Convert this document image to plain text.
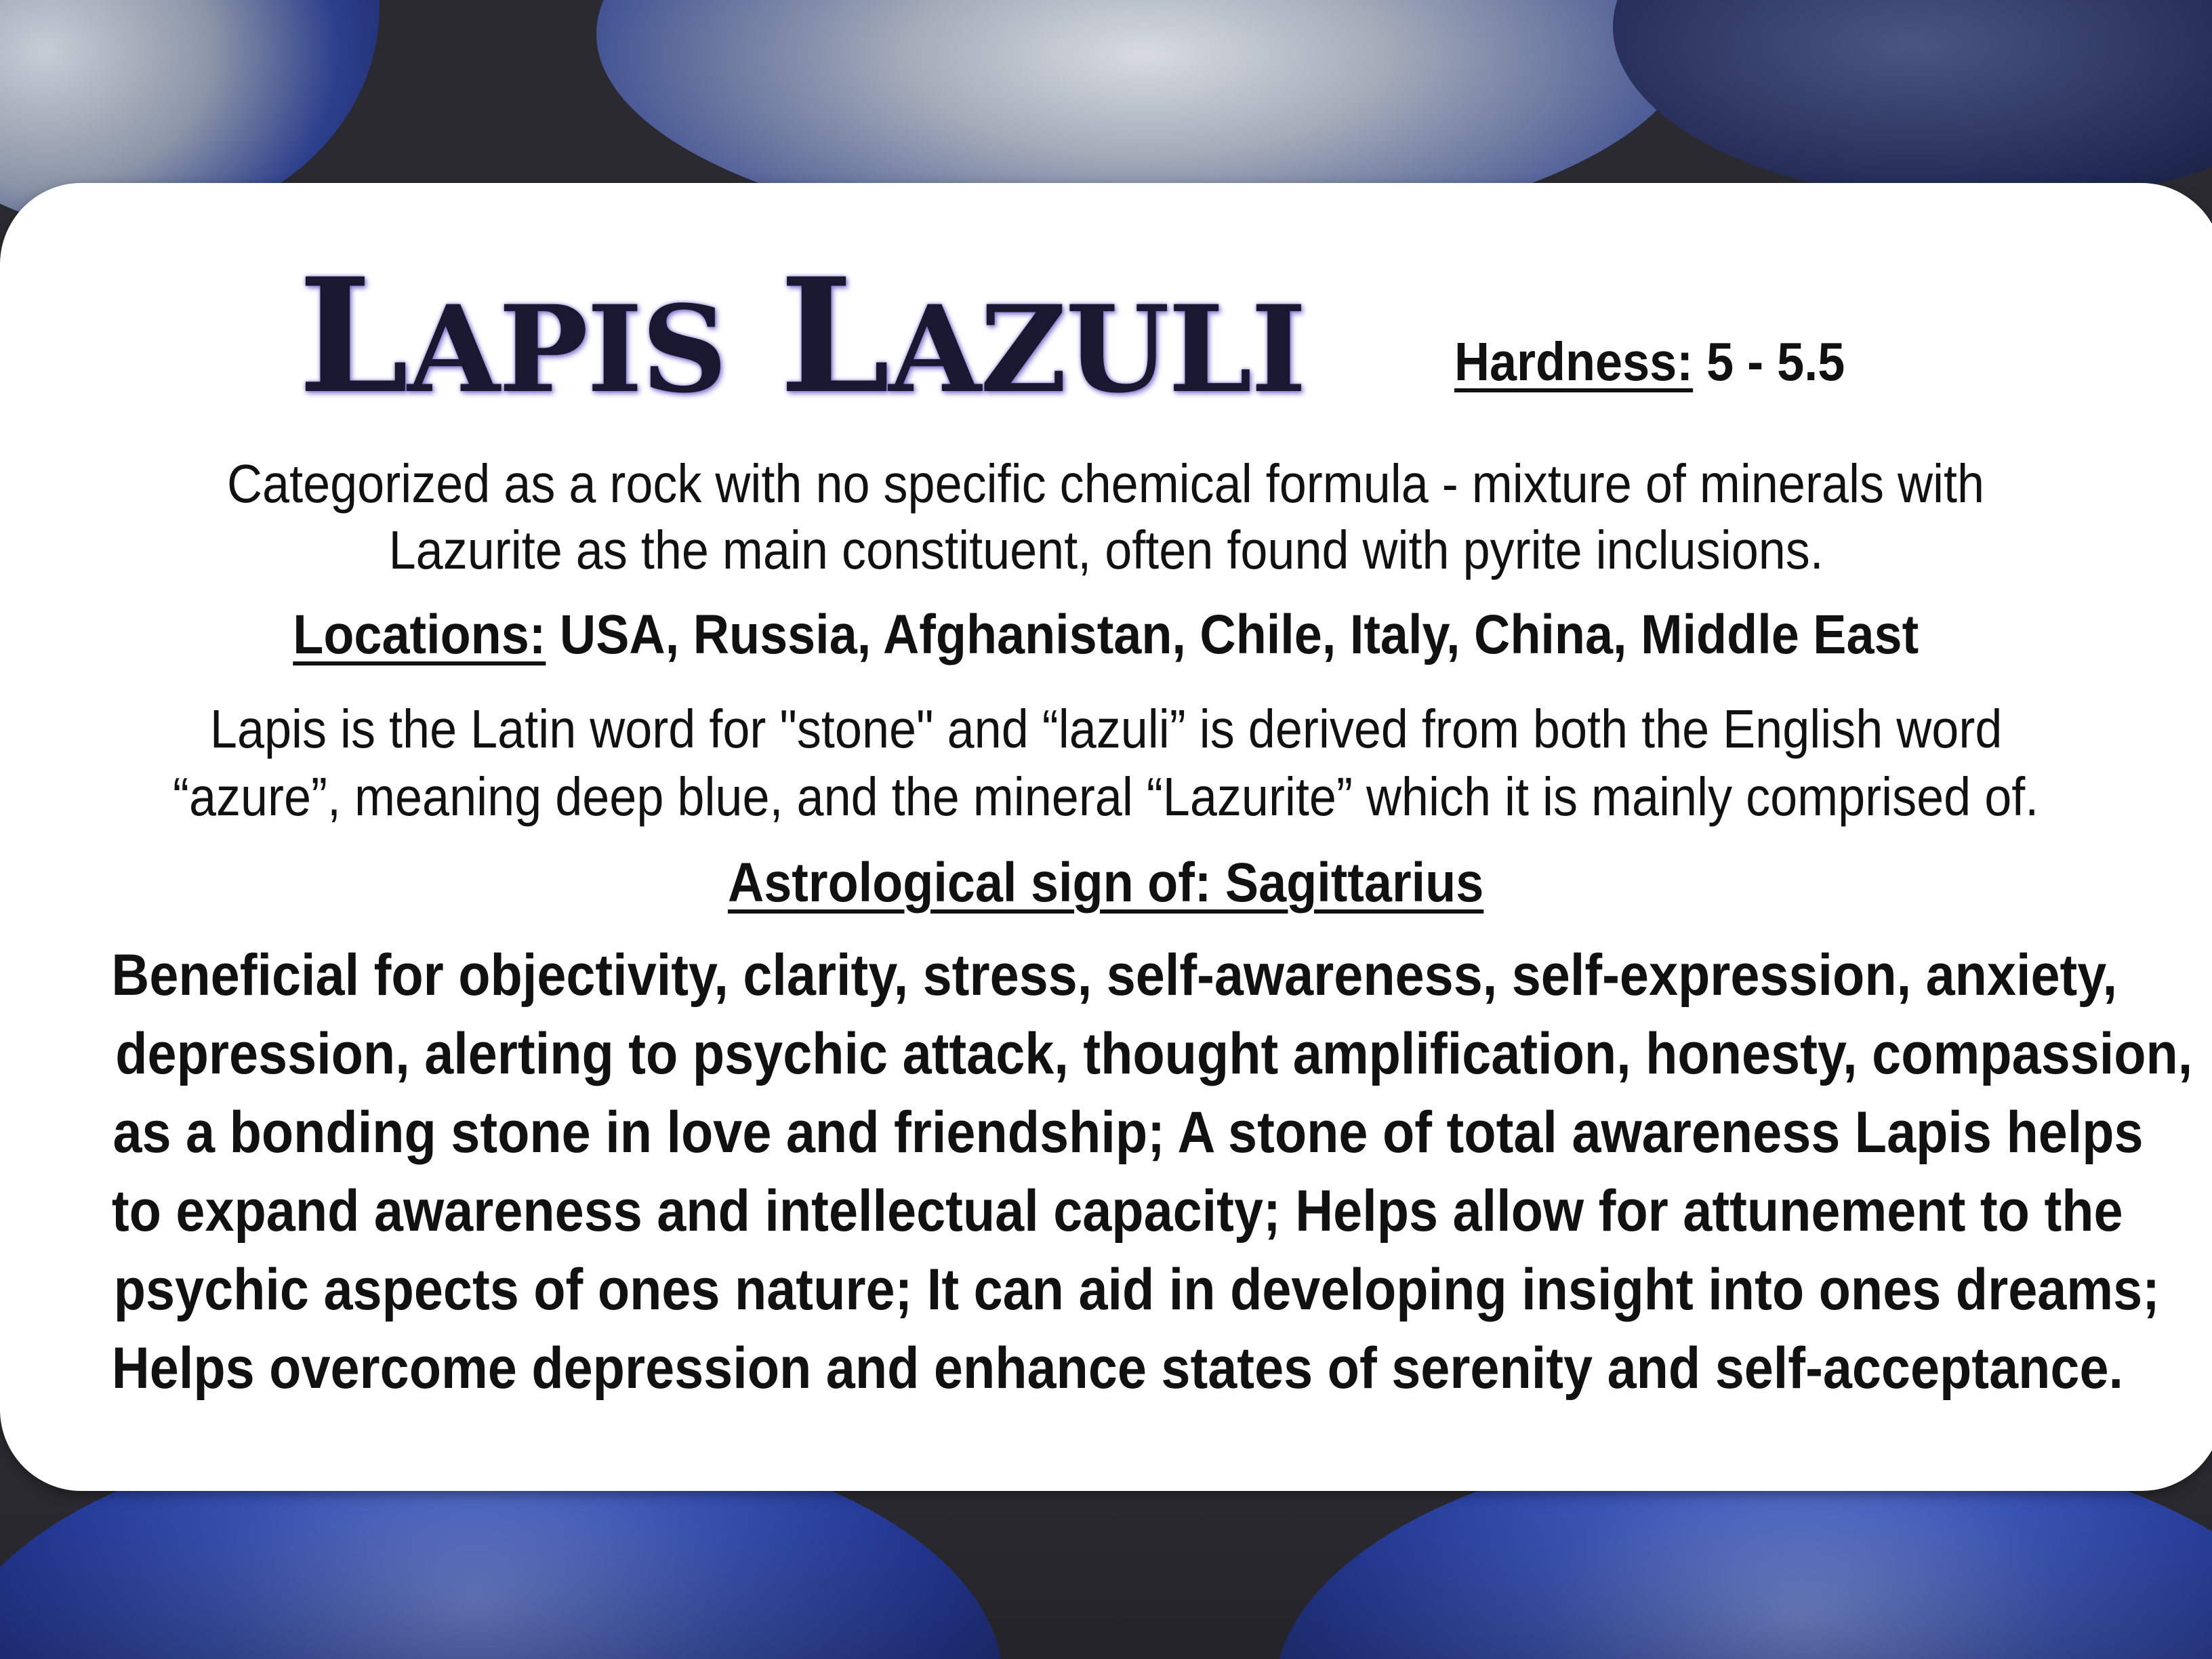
LAPIS LAZULI	Hardness: 5 - 5.5
Categorized as a rock with no specific chemical formula - mixture of minerals with
Lazurite as the main constituent, often found with pyrite inclusions.
Locations: USA, Russia, Afghanistan, Chile, Italy, China, Middle East
Lapis is the Latin word for "stone" and “lazuli” is derived from both the English word
“azure”, meaning deep blue, and the mineral “Lazurite” which it is mainly comprised of.
Astrological sign of: Sagittarius
Beneficial for objectivity, clarity, stress, self-awareness, self-expression, anxiety,
depression, alerting to psychic attack, thought amplification, honesty, compassion,
as a bonding stone in love and friendship; A stone of total awareness Lapis helps
to expand awareness and intellectual capacity; Helps allow for attunement to the
psychic aspects of ones nature; It can aid in developing insight into ones dreams;
Helps overcome depression and enhance states of serenity and self-acceptance.
